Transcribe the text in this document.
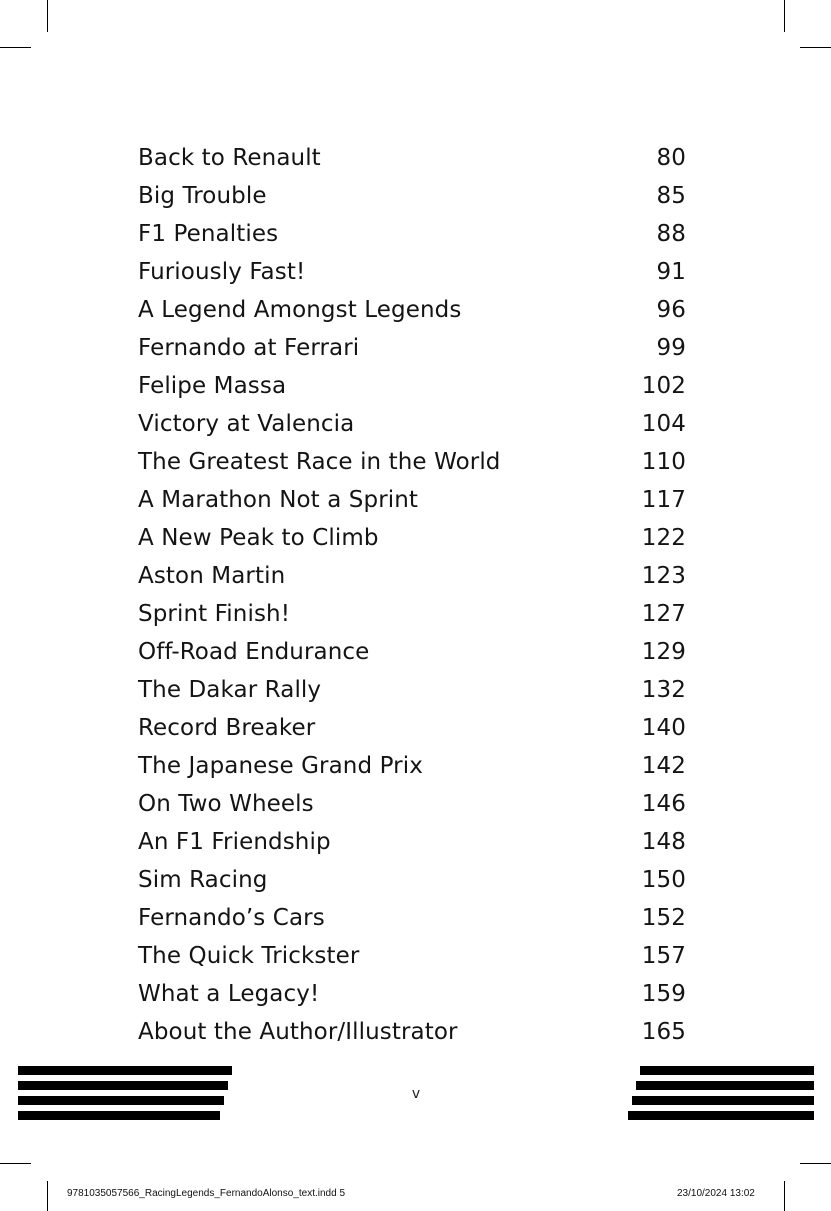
Back to Renault	80
Big Trouble	85
F1 Penalties	88
Furiously Fast!	91
A Legend Amongst Legends	96
Fernando at Ferrari	99
Felipe Massa	102
Victory at Valencia	104
The Greatest Race in the World	110
A Marathon Not a Sprint	117
A New Peak to Climb	122
Aston Martin	123
Sprint Finish!	127
Off-Road Endurance	129
The Dakar Rally	132
Record Breaker	140
The Japanese Grand Prix	142
On Two Wheels	146
An F1 Friendship	148
Sim Racing	150
Fernando’s Cars	152
The Quick Trickster	157
What a Legacy!	159
About the Author/Illustrator	165
v
9781035057566_RacingLegends_FernandoAlonso_text.indd 5	23/10/2024 13:02
